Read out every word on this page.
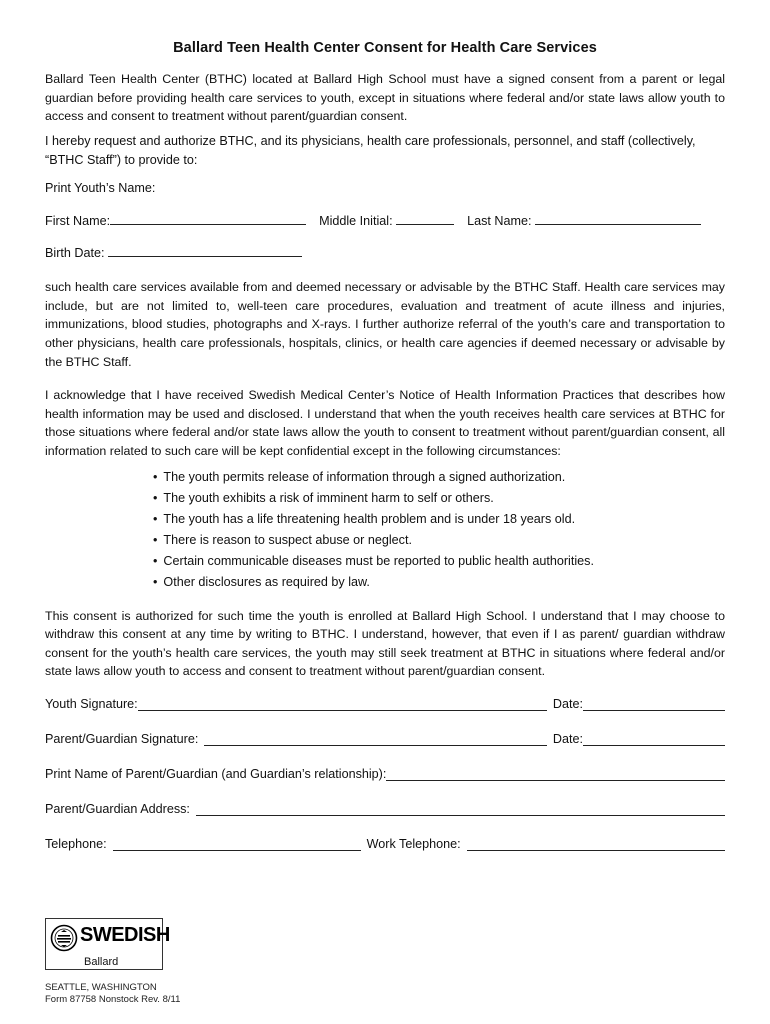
Ballard Teen Health Center Consent for Health Care Services

Ballard Teen Health Center (BTHC) located at Ballard High School must have a signed consent from a parent or legal guardian before providing health care services to youth, except in situations where federal and/or state laws allow youth to access and consent to treatment without parent/guardian consent.

I hereby request and authorize BTHC, and its physicians, health care professionals, personnel, and staff (collectively, “BTHC Staff”) to provide to:

Print Youth’s Name:

First Name:	Middle Initial:	Last Name:
Birth Date:

such health care services available from and deemed necessary or advisable by the BTHC Staff. Health care services may include, but are not limited to, well-teen care procedures, evaluation and treatment of acute illness and injuries, immunizations, blood studies, photographs and X-rays. I further authorize referral of the youth’s care and transportation to other physicians, health care professionals, hospitals, clinics, or health care agencies if deemed necessary or advisable by the BTHC Staff.

I acknowledge that I have received Swedish Medical Center’s Notice of Health Information Practices that describes how health information may be used and disclosed. I understand that when the youth receives health care services at BTHC for those situations where federal and/or state laws allow the youth to consent to treatment without parent/guardian consent, all information related to such care will be kept confidential except in the following circumstances:

• The youth permits release of information through a signed authorization.
• The youth exhibits a risk of imminent harm to self or others.
• The youth has a life threatening health problem and is under 18 years old.
• There is reason to suspect abuse or neglect.
• Certain communicable diseases must be reported to public health authorities.
• Other disclosures as required by law.

This consent is authorized for such time the youth is enrolled at Ballard High School. I understand that I may choose to withdraw this consent at any time by writing to BTHC. I understand, however, that even if I as parent/ guardian withdraw consent for the youth’s health care services, the youth may still seek treatment at BTHC in situations where federal and/or state laws allow youth to access and consent to treatment without parent/guardian consent.

Youth Signature:	Date:
Parent/Guardian Signature:	Date:
Print Name of Parent/Guardian (and Guardian’s relationship):
Parent/Guardian Address:
Telephone:	Work Telephone:
SWEDISH
Ballard
SEATTLE, WASHINGTON
Form 87758 Nonstock Rev. 8/11
